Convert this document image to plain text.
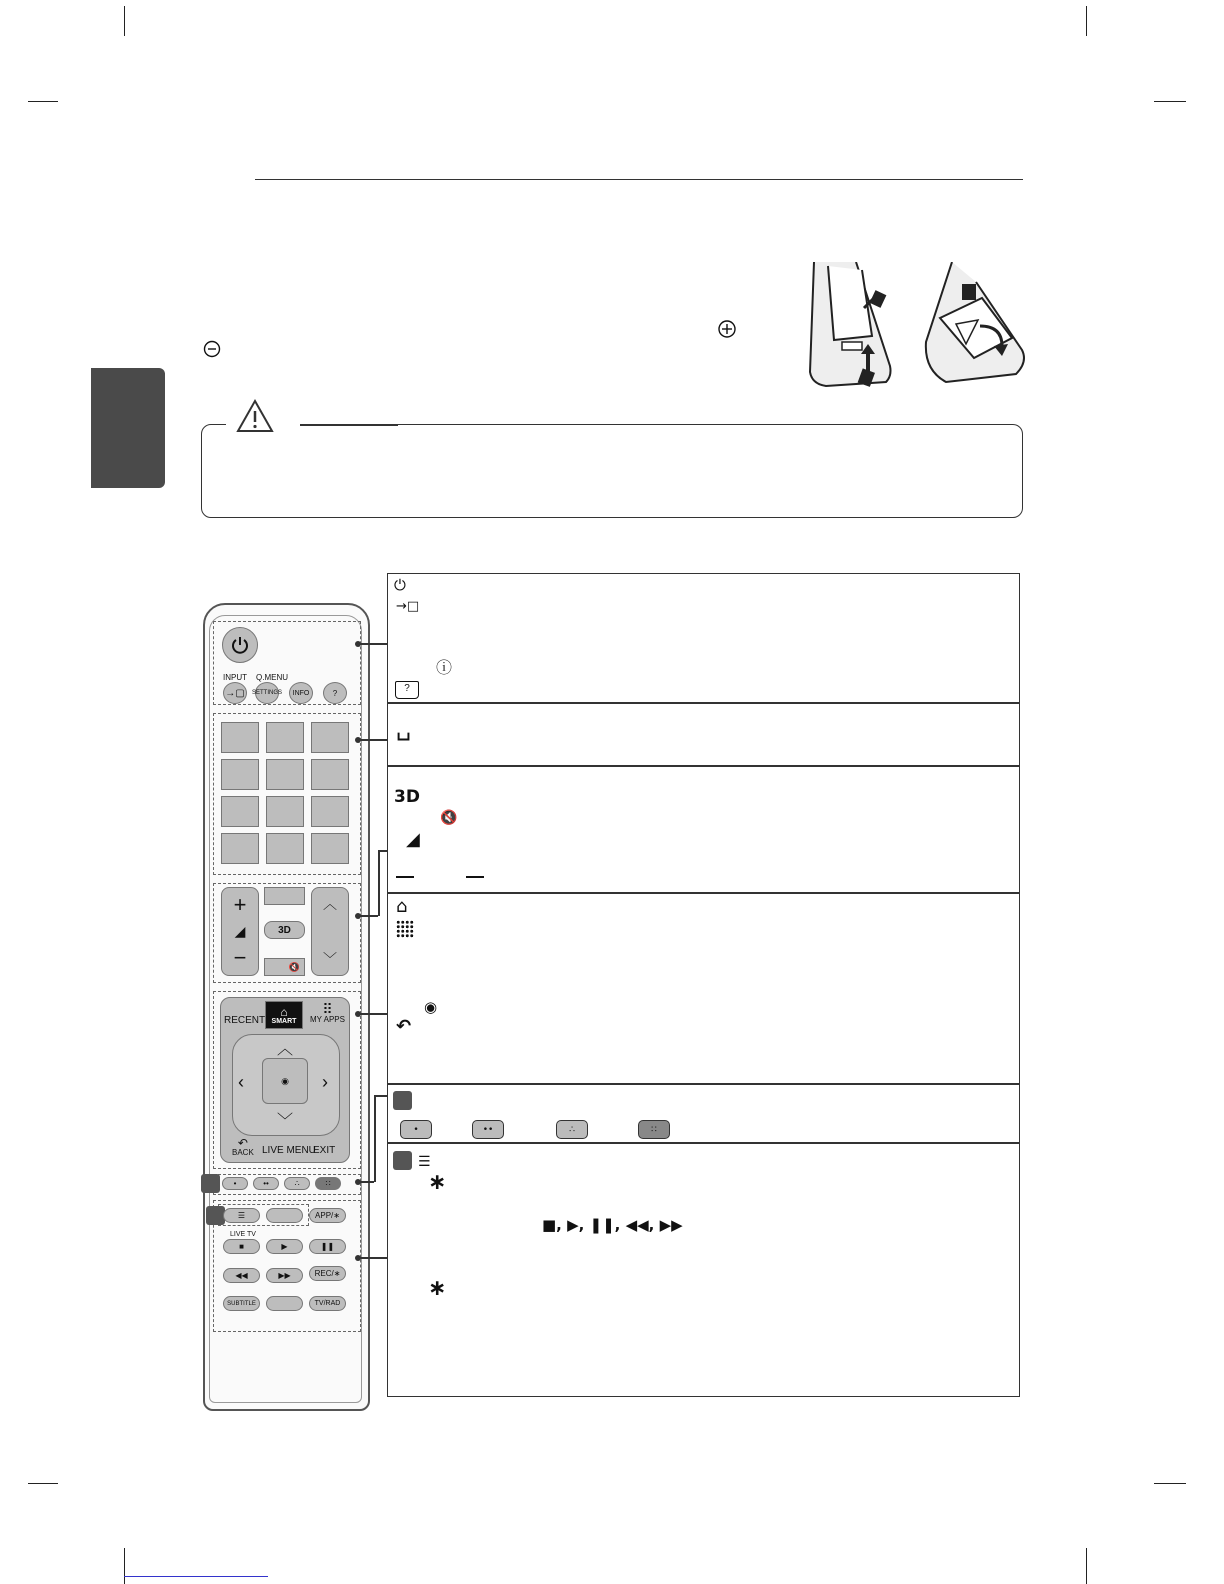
INPUT Q.MENU
→▢	SETTINGS	INFO	?
+
◢
−
3D
🔇
︿
﹀
RECENT
⌂
SMART
⠿
MY APPS
◉
︿
﹀
‹	›
↶
BACK LIVE MENU
EXIT
•	••	∴	∷
☰	APP/∗
LIVE TV
■	▶	❚❚
◀◀	▶▶	REC/∗
SUBTITLE	TV/RAD
⏻
→□
ⓘ
?
␣
3D
🔇
◢
⌂
◉
↶
•	••	∴	∷
☰
∗
■, ▶, ❚❚, ◀◀, ▶▶
∗
